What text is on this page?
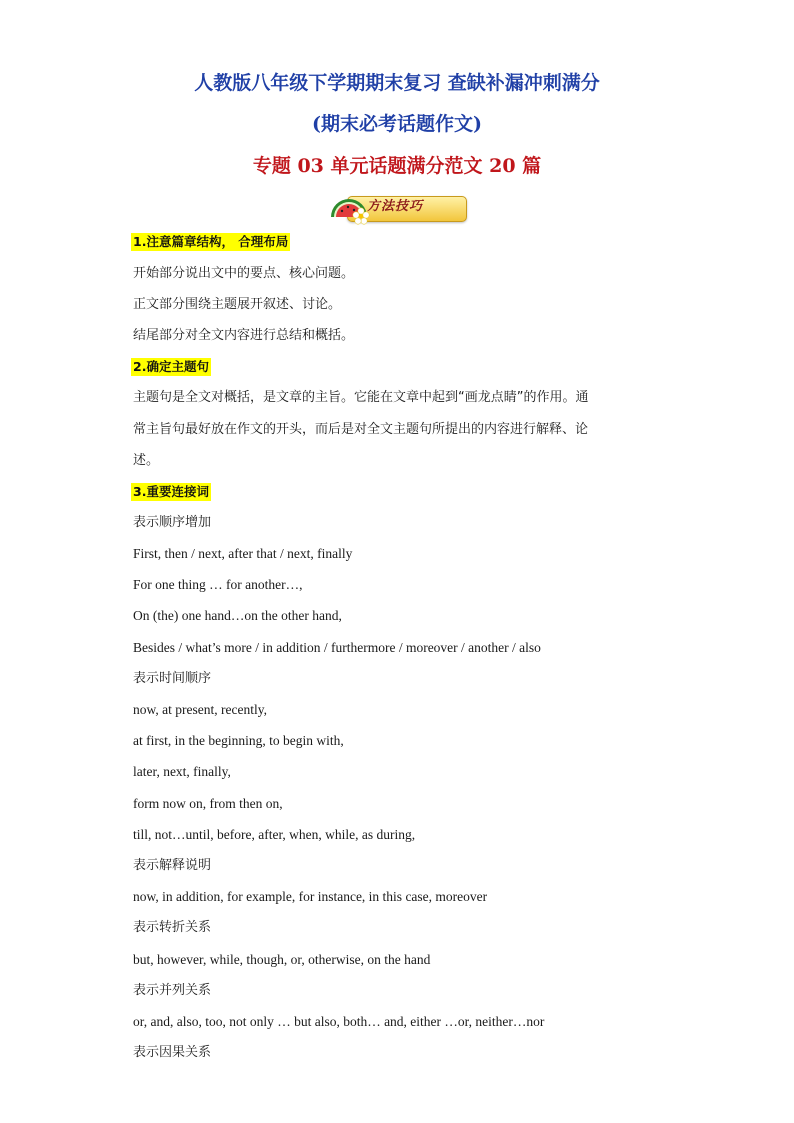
人教版八年级下学期期末复习 查缺补漏冲刺满分
(期末必考话题作文)
专题 03 单元话题满分范文 20 篇
方法技巧
1.注意篇章结构， 合理布局
开始部分说出文中的要点、核心问题。
正文部分围绕主题展开叙述、讨论。
结尾部分对全文内容进行总结和概括。
2.确定主题句
主题句是全文对概括，是文章的主旨。它能在文章中起到“画龙点睛”的作用。通
常主旨句最好放在作文的开头，而后是对全文主题句所提出的内容进行解释、论
述。
3.重要连接词
表示顺序增加
First, then / next, after that / next, finally
For one thing … for another…,
On (the) one hand…on the other hand,
Besides / what’s more / in addition / furthermore / moreover / another / also
表示时间顺序
now, at present, recently,
at first, in the beginning, to begin with,
later, next, finally,
form now on, from then on,
till, not…until, before, after, when, while, as during,
表示解释说明
now, in addition, for example, for instance, in this case, moreover
表示转折关系
but, however, while, though, or, otherwise, on the hand
表示并列关系
or, and, also, too, not only … but also, both… and, either …or, neither…nor
表示因果关系
